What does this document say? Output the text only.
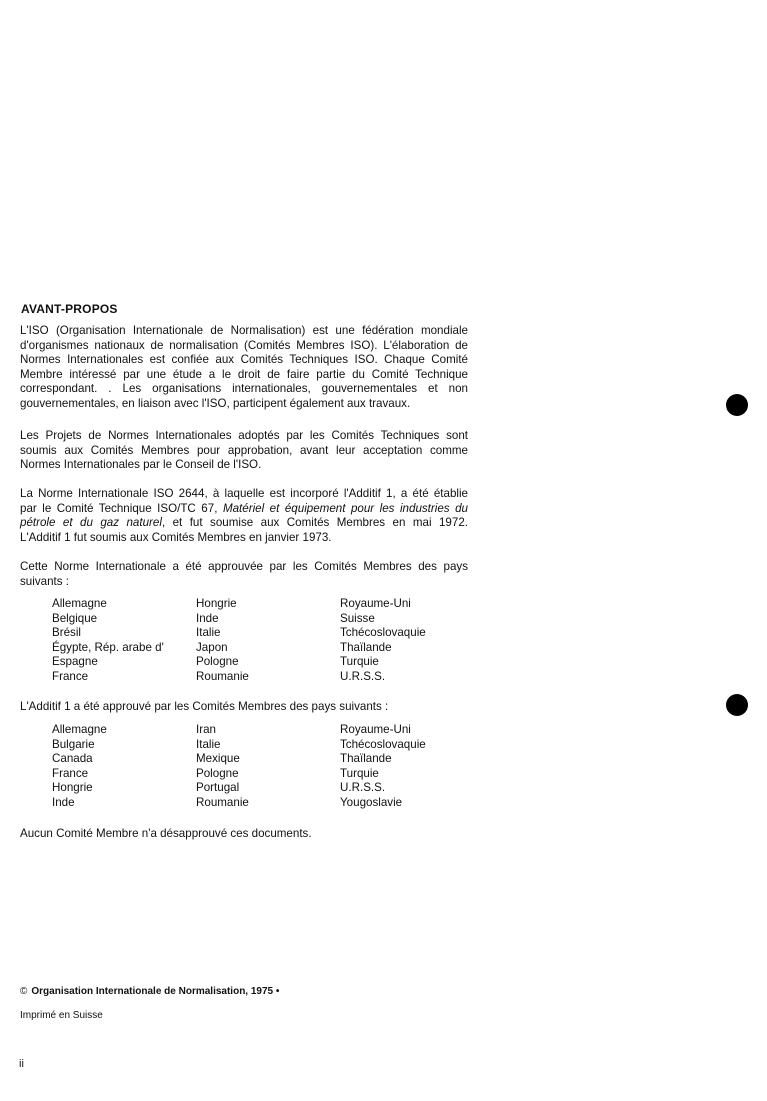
AVANT-PROPOS

L'ISO (Organisation Internationale de Normalisation) est une fédération mondiale
d'organismes nationaux de normalisation (Comités Membres ISO). L'élaboration de
Normes Internationales est confiée aux Comités Techniques ISO. Chaque Comité
Membre intéressé par une étude a le droit de faire partie du Comité Technique
correspondant. . Les organisations internationales, gouvernementales et non
gouvernementales, en liaison avec l'ISO, participent également aux travaux.

Les Projets de Normes Internationales adoptés par les Comités Techniques sont
soumis aux Comités Membres pour approbation, avant leur acceptation comme
Normes Internationales par le Conseil de l'ISO.

La Norme Internationale ISO 2644, à laquelle est incorporé l'Additif 1, a été établie
par le Comité Technique ISO/TC 67, Matériel et équipement pour les industries du
pétrole et du gaz naturel, et fut soumise aux Comités Membres en mai 1972.
L'Additif 1 fut soumis aux Comités Membres en janvier 1973.

Cette Norme Internationale a été approuvée par les Comités Membres des pays
suivants :

Allemagne	Hongrie	Royaume-Uni
Belgique	Inde	Suisse
Brésil	Italie	Tchécoslovaquie
Égypte, Rép. arabe d'	Japon	Thaïlande
Espagne	Pologne	Turquie
France	Roumanie	U.R.S.S.

L'Additif 1 a été approuvé par les Comités Membres des pays suivants :

Allemagne	Iran	Royaume-Uni
Bulgarie	Italie	Tchécoslovaquie
Canada	Mexique	Thaïlande
France	Pologne	Turquie
Hongrie	Portugal	U.R.S.S.
Inde	Roumanie	Yougoslavie

Aucun Comité Membre n'a désapprouvé ces documents.

© Organisation Internationale de Normalisation, 1975 •
Imprimé en Suisse
ii
